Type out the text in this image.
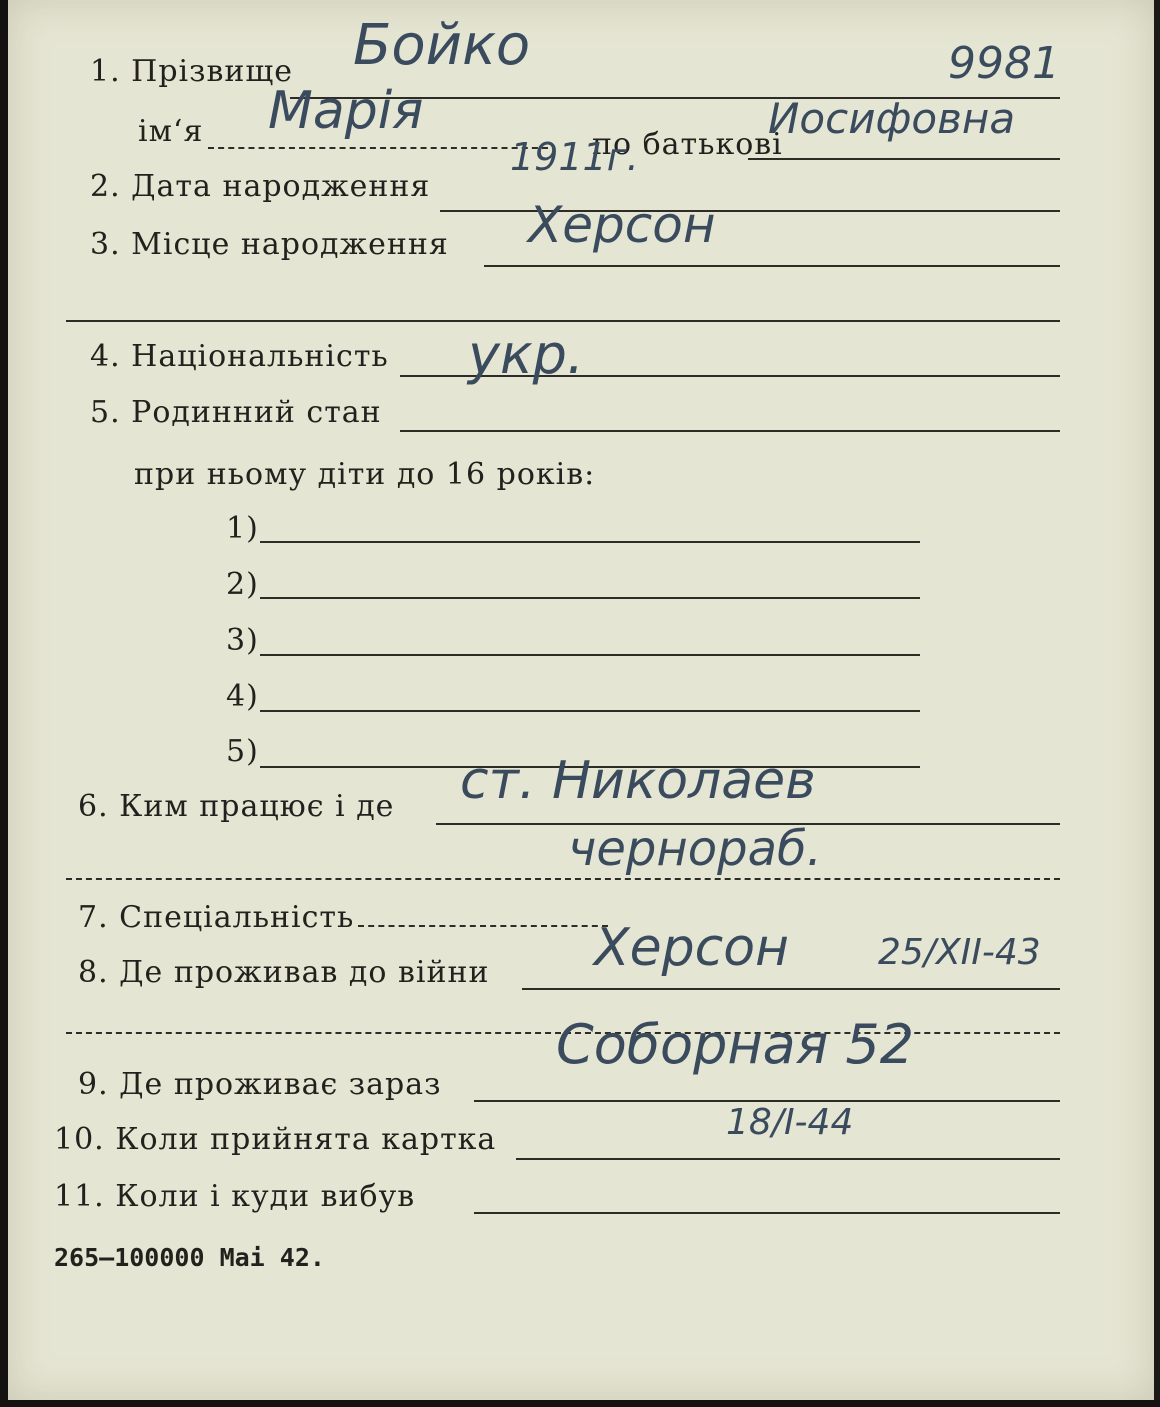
9981
1. Прізвище Бойко
ім‘я Марія
по батькові
Иосифовна
2. Дата народження
1911г.
3. Місце народження Херсон
4. Національність укр.
5. Родинний стан
при ньому діти до 16 років:
1)
2)
3)
4)
5)
6. Ким працює і де ст. Николаев
чернораб.
7. Спеціальність
8. Де проживав до війни Херсон 25/XII-43
Соборная 52
9. Де проживає зараз
18/I-44
10. Коли прийнята картка
11. Коли і куди вибув
265—100000 Mai 42.
